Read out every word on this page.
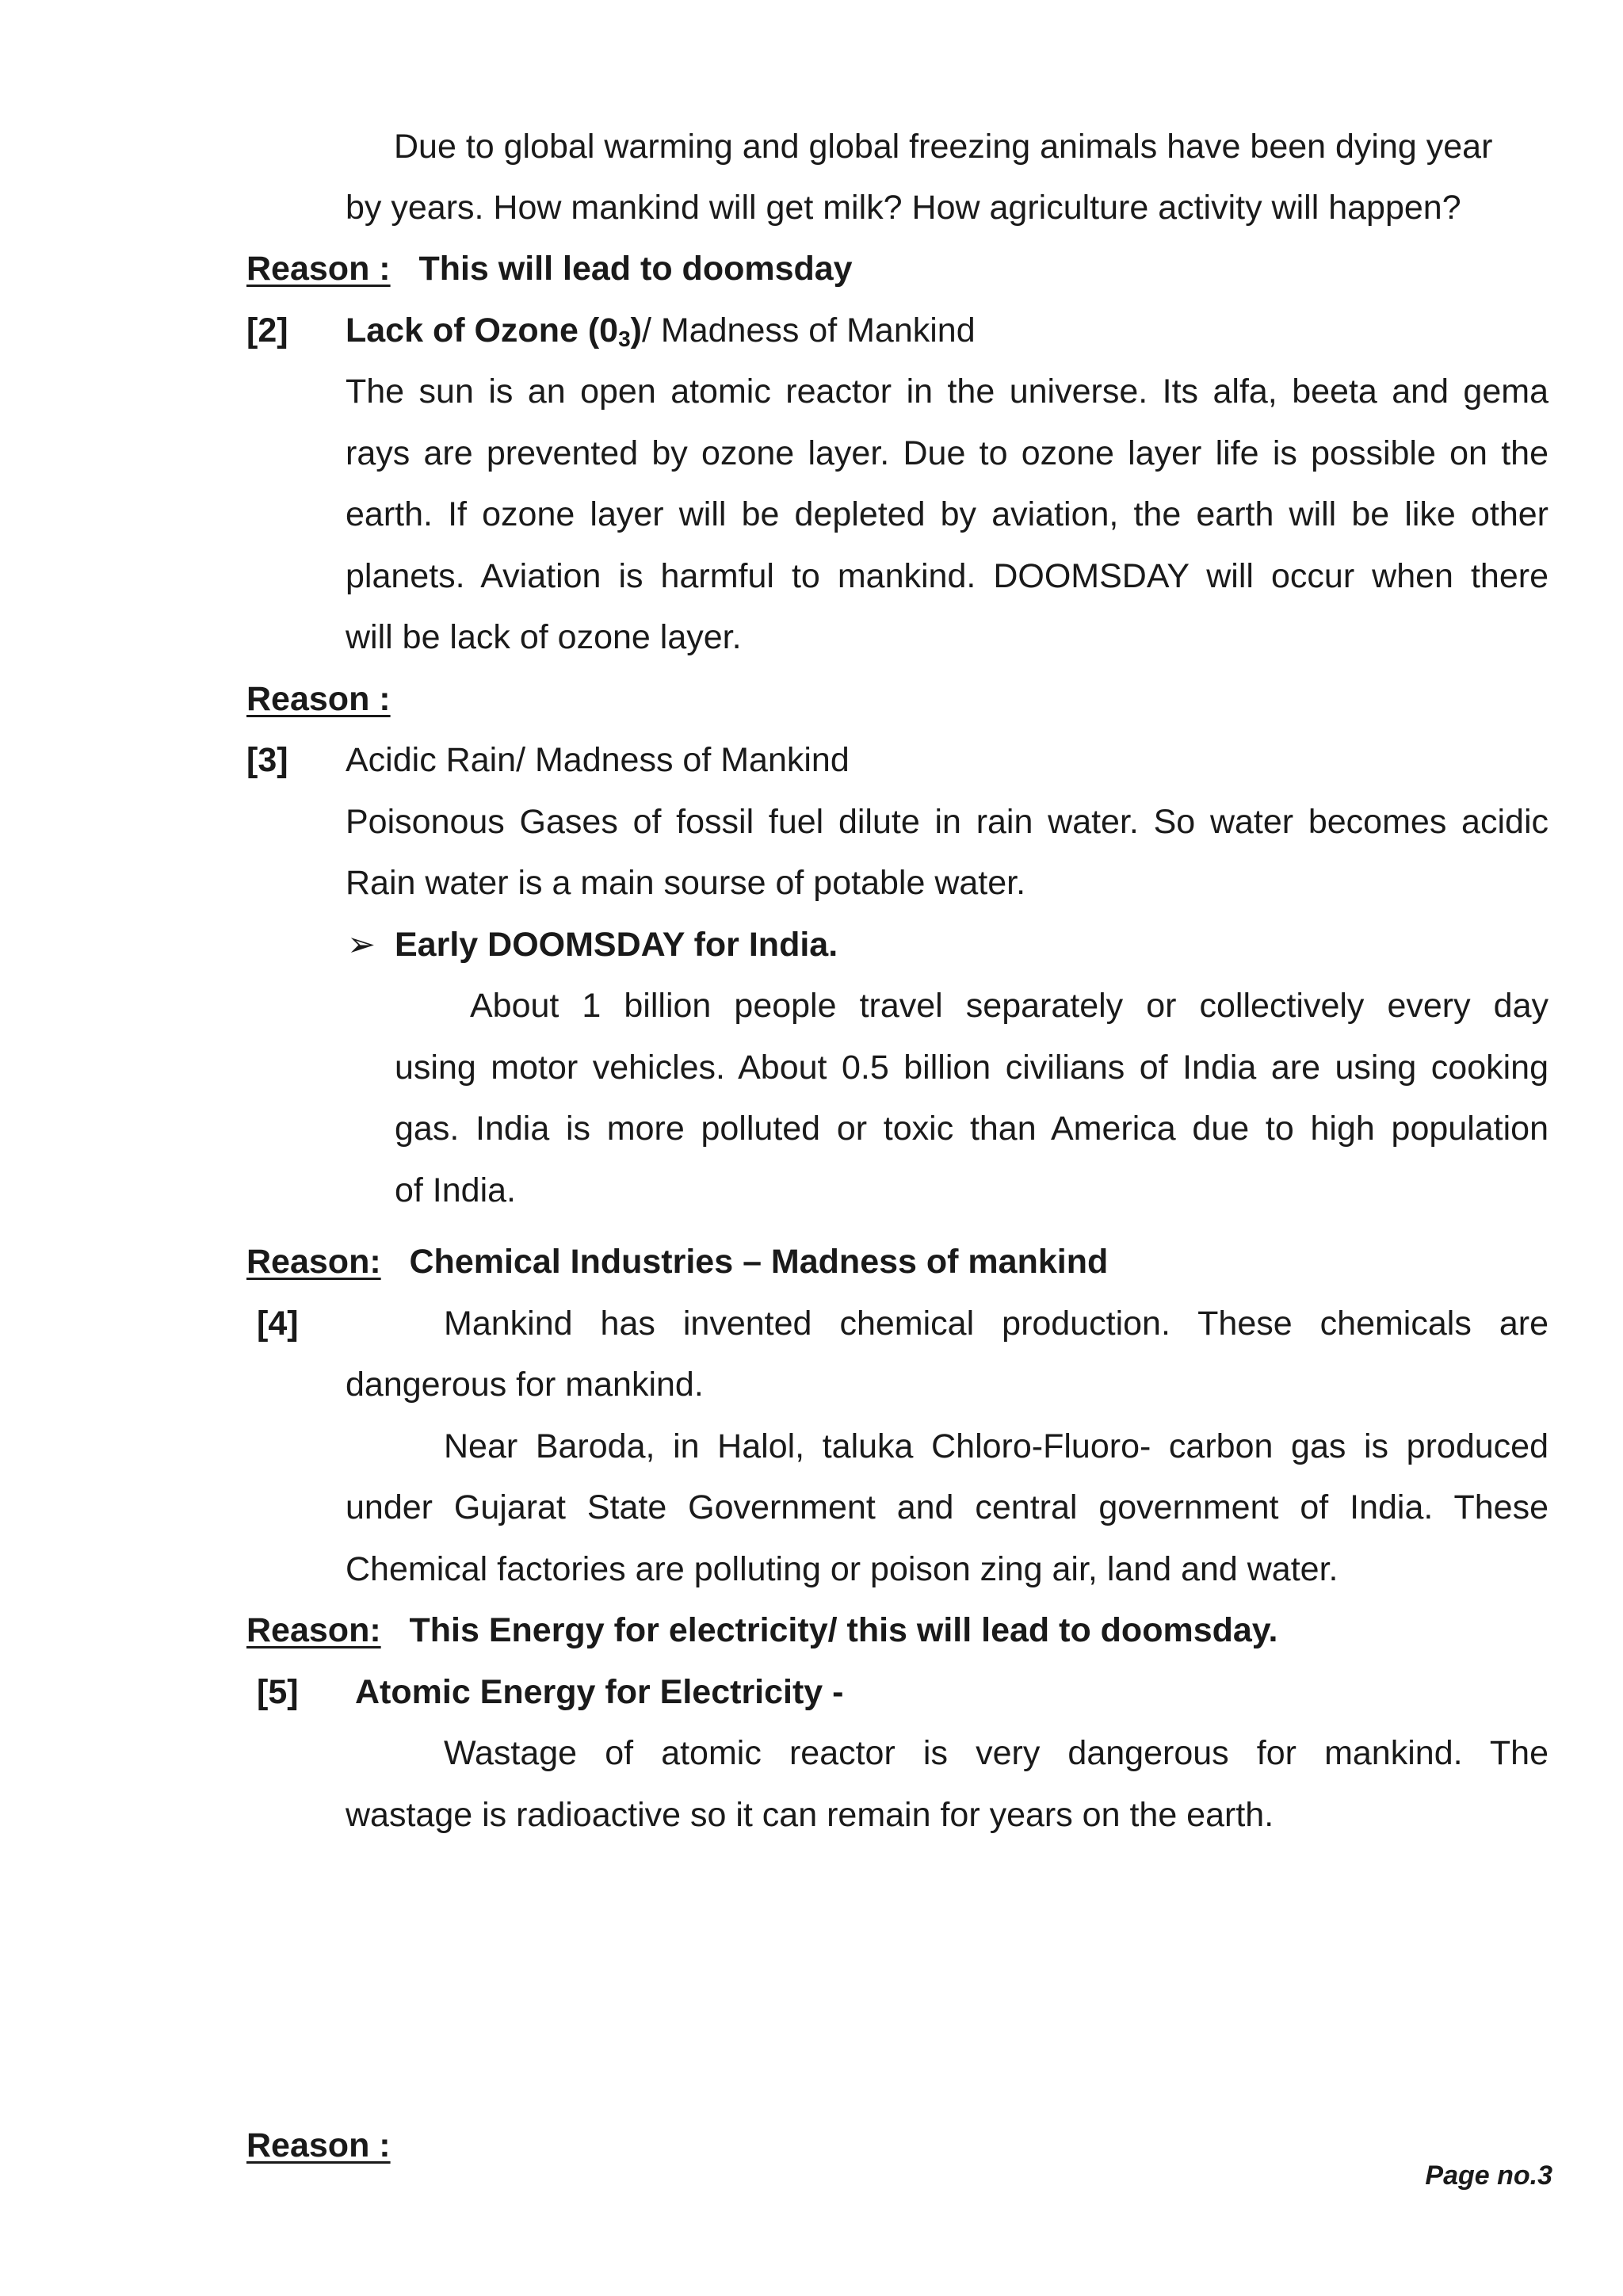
Due to global warming and global freezing animals have been dying year
by years. How mankind will get milk? How agriculture activity will happen?
Reason : This will lead to doomsday
[2] Lack of Ozone (03)/ Madness of Mankind
The sun is an open atomic reactor in the universe. Its alfa, beeta and gema
rays are prevented by ozone layer. Due to ozone layer life is possible on the
earth. If ozone layer will be depleted by aviation, the earth will be like other
planets. Aviation is harmful to mankind. DOOMSDAY will occur when there
will be lack of ozone layer.
Reason :
[3] Acidic Rain/ Madness of Mankind
Poisonous Gases of fossil fuel dilute in rain water. So water becomes acidic
Rain water is a main sourse of potable water.
➢ Early DOOMSDAY for India.
About 1 billion people travel separately or collectively every day
using motor vehicles. About 0.5 billion civilians of India are using cooking
gas. India is more polluted or toxic than America due to high population
of India.
Reason: Chemical Industries – Madness of mankind
[4]	Mankind has invented chemical production. These chemicals are
dangerous for mankind.
Near Baroda, in Halol, taluka Chloro-Fluoro- carbon gas is produced
under Gujarat State Government and central government of India. These
Chemical factories are polluting or poison zing air, land and water.
Reason: This Energy for electricity/ this will lead to doomsday.
[5] Atomic Energy for Electricity -
Wastage of atomic reactor is very dangerous for mankind. The
wastage is radioactive so it can remain for years on the earth.
Reason :
Page no.3
